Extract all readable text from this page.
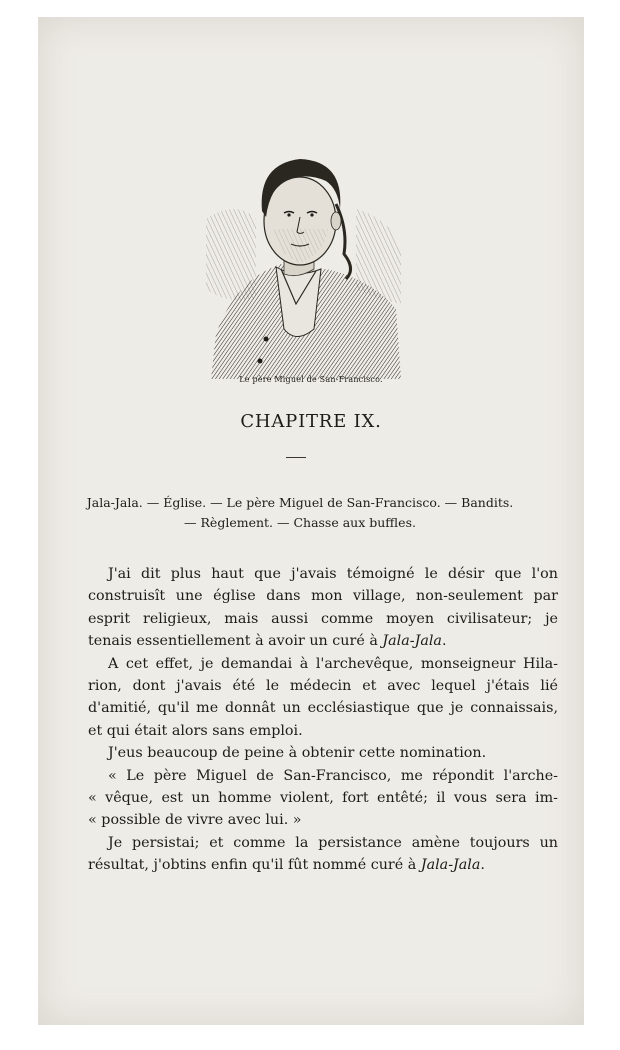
Le père Miguel de San-Francisco.
CHAPITRE IX.
Jala-Jala. — Église. — Le père Miguel de San-Francisco. — Bandits.
— Règlement. — Chasse aux buffles.
J'ai dit plus haut que j'avais témoigné le désir que l'on
construisît une église dans mon village, non-seulement par
esprit religieux, mais aussi comme moyen civilisateur; je
tenais essentiellement à avoir un curé à Jala-Jala.
A cet effet, je demandai à l'archevêque, monseigneur Hila-
rion, dont j'avais été le médecin et avec lequel j'étais lié
d'amitié, qu'il me donnât un ecclésiastique que je connaissais,
et qui était alors sans emploi.
J'eus beaucoup de peine à obtenir cette nomination.
« Le père Miguel de San-Francisco, me répondit l'arche-
« vêque, est un homme violent, fort entêté; il vous sera im-
« possible de vivre avec lui. »
Je persistai; et comme la persistance amène toujours un
résultat, j'obtins enfin qu'il fût nommé curé à Jala-Jala.
